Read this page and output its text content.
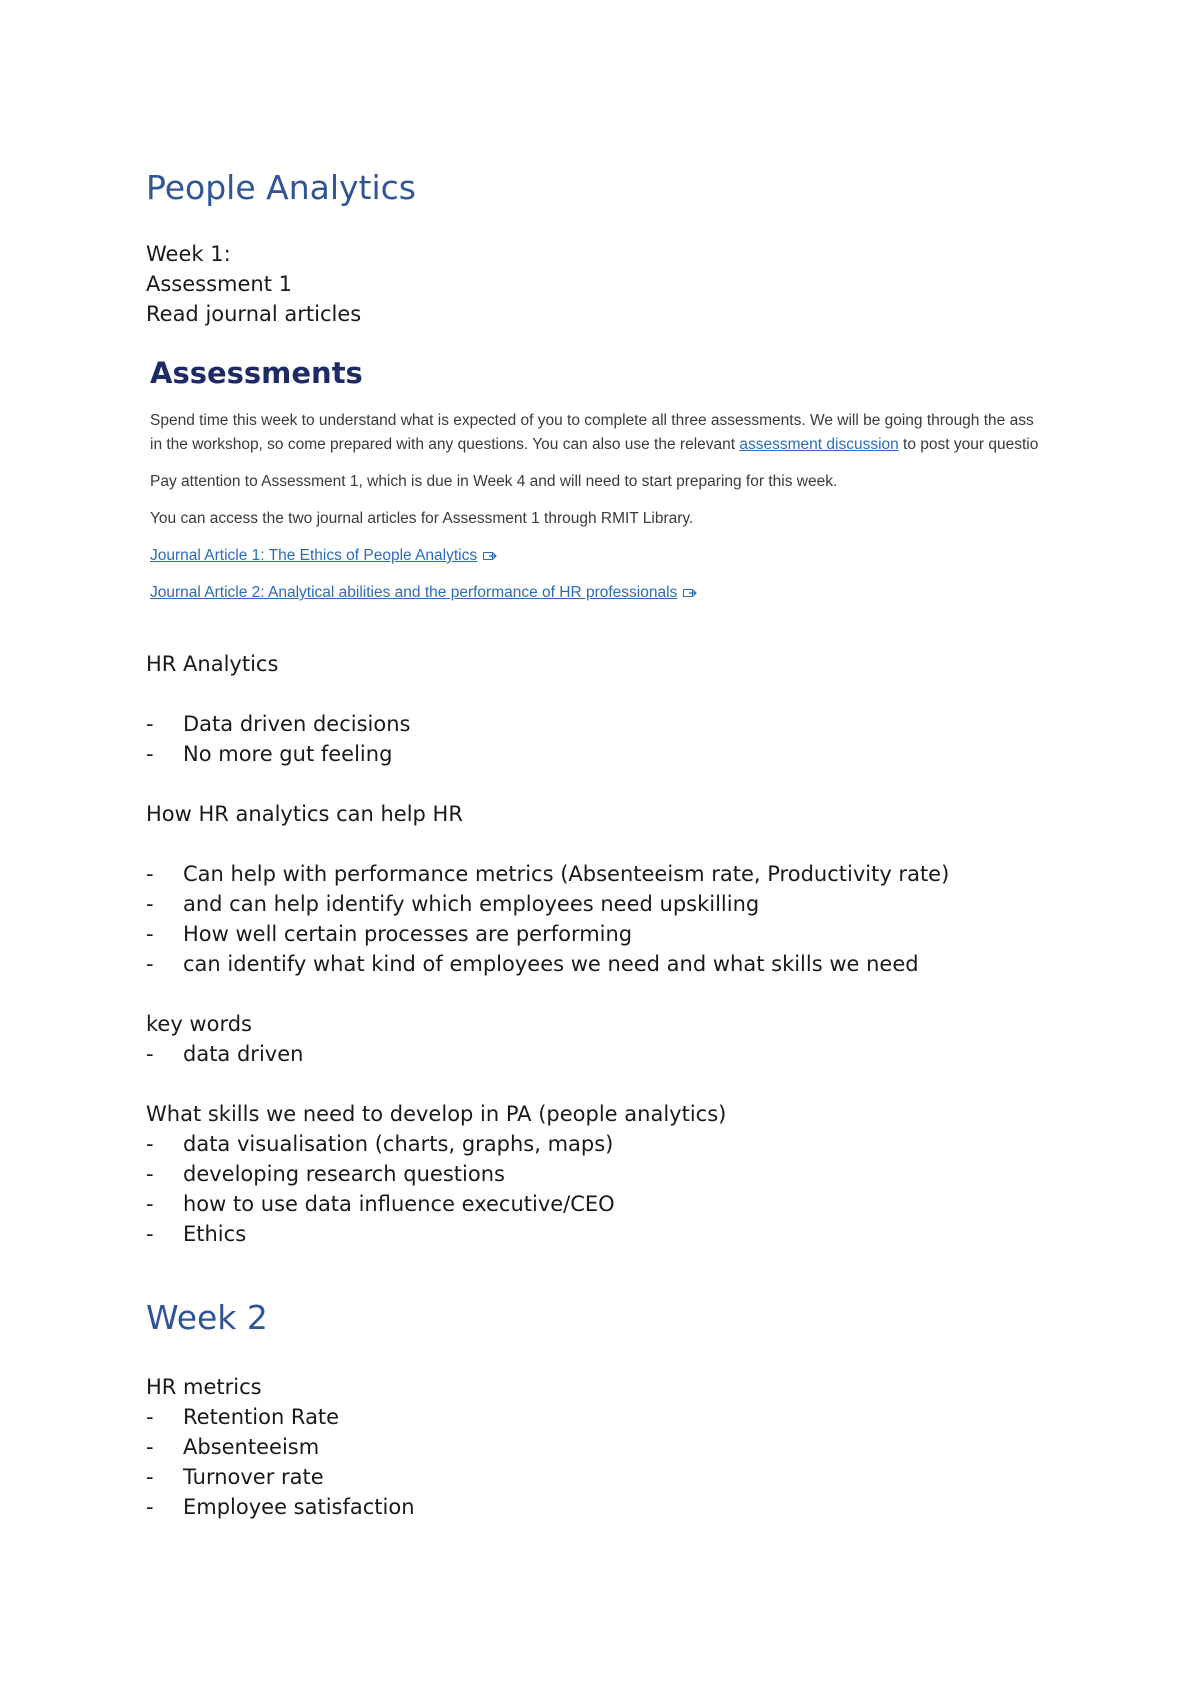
People Analytics

Week 1:

Assessment 1

Read journal articles

Assessments

Spend time this week to understand what is expected of you to complete all three assessments. We will be going through the ass

in the workshop, so come prepared with any questions. You can also use the relevant assessment discussion to post your questio

Pay attention to Assessment 1, which is due in Week 4 and will need to start preparing for this week.

You can access the two journal articles for Assessment 1 through RMIT Library.

Journal Article 1: The Ethics of People Analytics

Journal Article 2: Analytical abilities and the performance of HR professionals

HR Analytics

- Data driven decisions
- No more gut feeling

How HR analytics can help HR

- Can help with performance metrics (Absenteeism rate, Productivity rate)
- and can help identify which employees need upskilling
- How well certain processes are performing
- can identify what kind of employees we need and what skills we need

key words

- data driven

What skills we need to develop in PA (people analytics)

- data visualisation (charts, graphs, maps)
- developing research questions
- how to use data influence executive/CEO
- Ethics
Week 2

HR metrics

- Retention Rate
- Absenteeism
- Turnover rate
- Employee satisfaction
